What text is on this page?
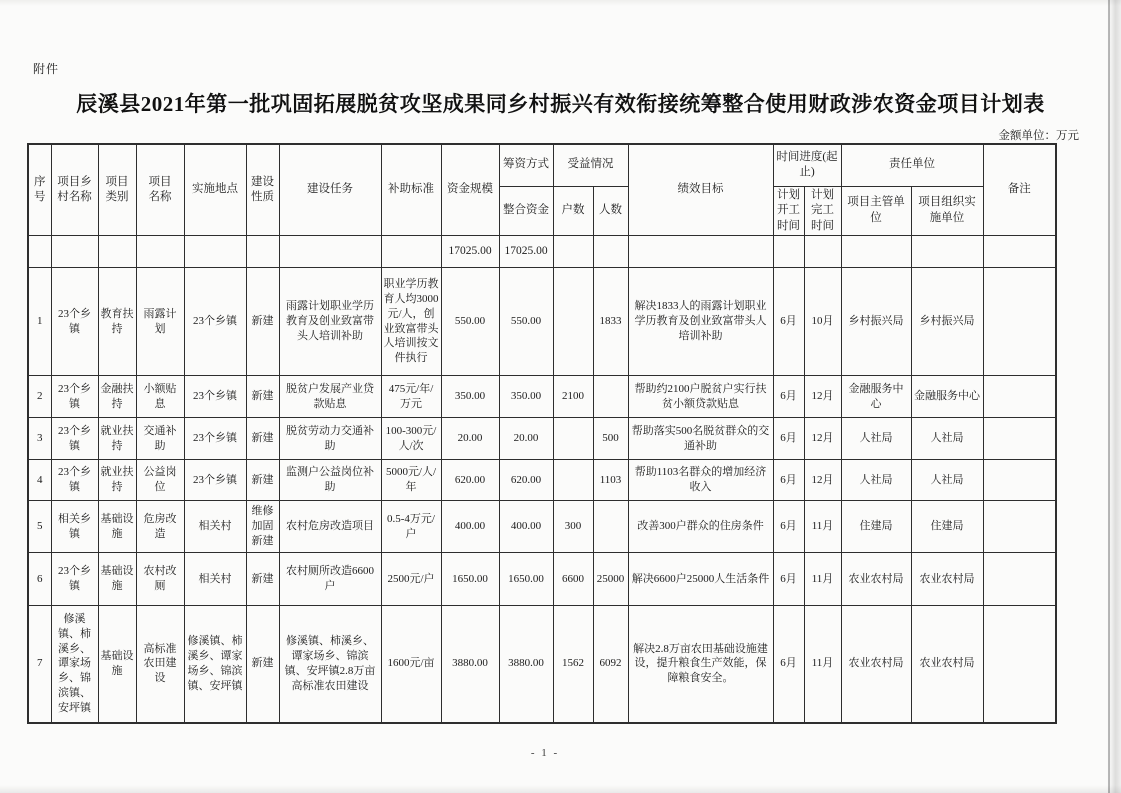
附件
辰溪县2021年第一批巩固拓展脱贫攻坚成果同乡村振兴有效衔接统筹整合使用财政涉农资金项目计划表
金额单位：万元
序号	项目乡村名称	项目类别	项目　名称	实施地点	建设性质	建设任务	补助标准	资金规模	筹资方式	受益情况		绩效目标	时间进度(起止)		责任单位		备注
									整合资金	户数	人数		计划开工时间	计划完工时间	项目主管单位	项目组织实施单位	
								17025.00	17025.00								
1	23个乡镇	教育扶持	雨露计划	23个乡镇	新建	雨露计划职业学历教育及创业致富带头人培训补助	职业学历教育人均3000元/人，创业致富带头人培训按文件执行	550.00	550.00		1833	解决1833人的雨露计划职业学历教育及创业致富带头人培训补助	6月	10月	乡村振兴局	乡村振兴局	
2	23个乡镇	金融扶持	小额贴息	23个乡镇	新建	脱贫户发展产业贷款贴息	475元/年/万元	350.00	350.00	2100		帮助约2100户脱贫户实行扶贫小额贷款贴息	6月	12月	金融服务中心	金融服务中心	
3	23个乡镇	就业扶持	交通补助	23个乡镇	新建	脱贫劳动力交通补助	100-300元/人/次	20.00	20.00		500	帮助落实500名脱贫群众的交通补助	6月	12月	人社局	人社局	
4	23个乡镇	就业扶持	公益岗位	23个乡镇	新建	监测户公益岗位补助	5000元/人/年	620.00	620.00		1103	帮助1103名群众的增加经济收入	6月	12月	人社局	人社局	
5	相关乡镇	基础设施	危房改造	相关村	维修加固新建	农村危房改造项目	0.5-4万元/户	400.00	400.00	300		改善300户群众的住房条件	6月	11月	住建局	住建局	
6	23个乡镇	基础设施	农村改厕	相关村	新建	农村厕所改造6600户	2500元/户	1650.00	1650.00	6600	25000	解决6600户25000人生活条件	6月	11月	农业农村局	农业农村局	
7	修溪镇、柿溪乡、谭家场乡、锦滨镇、安坪镇	基础设施	高标准农田建设	修溪镇、柿溪乡、谭家场乡、锦滨镇、安坪镇	新建	修溪镇、柿溪乡、谭家场乡、锦滨镇、安坪镇2.8万亩高标准农田建设	1600元/亩	3880.00	3880.00	1562	6092	解决2.8万亩农田基础设施建设，提升粮食生产效能，保障粮食安全。	6月	11月	农业农村局	农业农村局	
- 1 -
